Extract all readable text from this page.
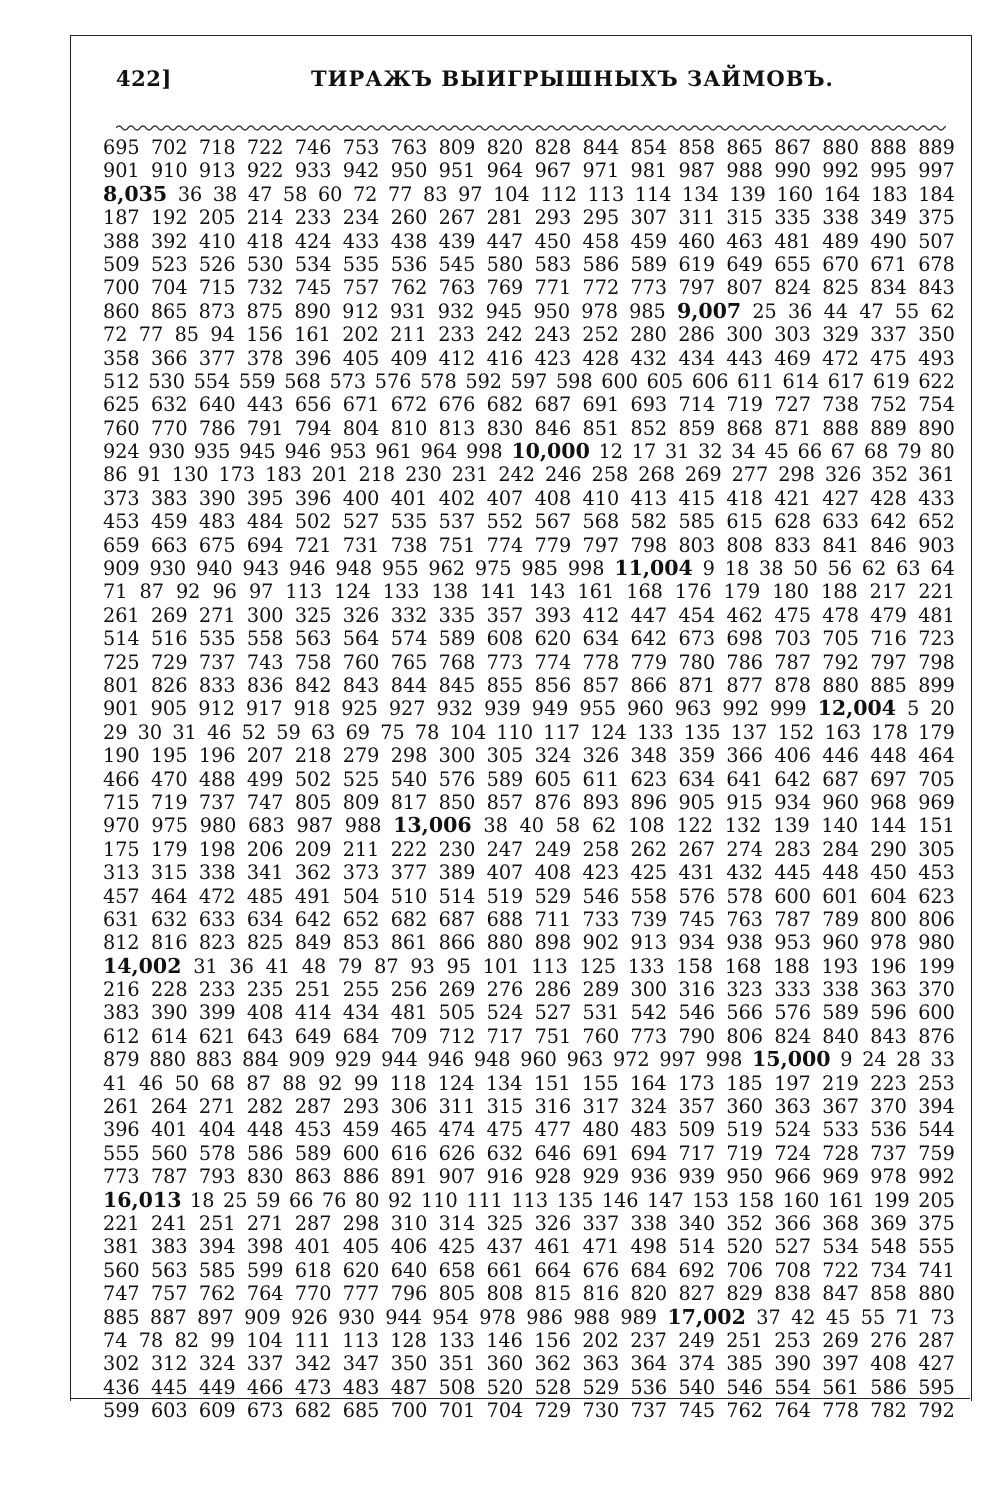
422]	ТИРАЖЪ ВЫИГРЫШНЫХЪ ЗАЙМОВЪ.
695 702 718 722 746 753 763 809 820 828 844 854 858 865 867 880 888 889
901 910 913 922 933 942 950 951 964 967 971 981 987 988 990 992 995 997
8,035 36 38 47 58 60 72 77 83 97 104 112 113 114 134 139 160 164 183 184
187 192 205 214 233 234 260 267 281 293 295 307 311 315 335 338 349 375
388 392 410 418 424 433 438 439 447 450 458 459 460 463 481 489 490 507
509 523 526 530 534 535 536 545 580 583 586 589 619 649 655 670 671 678
700 704 715 732 745 757 762 763 769 771 772 773 797 807 824 825 834 843
860 865 873 875 890 912 931 932 945 950 978 985 9,007 25 36 44 47 55 62
72 77 85 94 156 161 202 211 233 242 243 252 280 286 300 303 329 337 350
358 366 377 378 396 405 409 412 416 423 428 432 434 443 469 472 475 493
512 530 554 559 568 573 576 578 592 597 598 600 605 606 611 614 617 619 622
625 632 640 443 656 671 672 676 682 687 691 693 714 719 727 738 752 754
760 770 786 791 794 804 810 813 830 846 851 852 859 868 871 888 889 890
924 930 935 945 946 953 961 964 998 10,000 12 17 31 32 34 45 66 67 68 79 80
86 91 130 173 183 201 218 230 231 242 246 258 268 269 277 298 326 352 361
373 383 390 395 396 400 401 402 407 408 410 413 415 418 421 427 428 433
453 459 483 484 502 527 535 537 552 567 568 582 585 615 628 633 642 652
659 663 675 694 721 731 738 751 774 779 797 798 803 808 833 841 846 903
909 930 940 943 946 948 955 962 975 985 998 11,004 9 18 38 50 56 62 63 64
71 87 92 96 97 113 124 133 138 141 143 161 168 176 179 180 188 217 221
261 269 271 300 325 326 332 335 357 393 412 447 454 462 475 478 479 481
514 516 535 558 563 564 574 589 608 620 634 642 673 698 703 705 716 723
725 729 737 743 758 760 765 768 773 774 778 779 780 786 787 792 797 798
801 826 833 836 842 843 844 845 855 856 857 866 871 877 878 880 885 899
901 905 912 917 918 925 927 932 939 949 955 960 963 992 999 12,004 5 20
29 30 31 46 52 59 63 69 75 78 104 110 117 124 133 135 137 152 163 178 179
190 195 196 207 218 279 298 300 305 324 326 348 359 366 406 446 448 464
466 470 488 499 502 525 540 576 589 605 611 623 634 641 642 687 697 705
715 719 737 747 805 809 817 850 857 876 893 896 905 915 934 960 968 969
970 975 980 683 987 988 13,006 38 40 58 62 108 122 132 139 140 144 151
175 179 198 206 209 211 222 230 247 249 258 262 267 274 283 284 290 305
313 315 338 341 362 373 377 389 407 408 423 425 431 432 445 448 450 453
457 464 472 485 491 504 510 514 519 529 546 558 576 578 600 601 604 623
631 632 633 634 642 652 682 687 688 711 733 739 745 763 787 789 800 806
812 816 823 825 849 853 861 866 880 898 902 913 934 938 953 960 978 980
14,002 31 36 41 48 79 87 93 95 101 113 125 133 158 168 188 193 196 199
216 228 233 235 251 255 256 269 276 286 289 300 316 323 333 338 363 370
383 390 399 408 414 434 481 505 524 527 531 542 546 566 576 589 596 600
612 614 621 643 649 684 709 712 717 751 760 773 790 806 824 840 843 876
879 880 883 884 909 929 944 946 948 960 963 972 997 998 15,000 9 24 28 33
41 46 50 68 87 88 92 99 118 124 134 151 155 164 173 185 197 219 223 253
261 264 271 282 287 293 306 311 315 316 317 324 357 360 363 367 370 394
396 401 404 448 453 459 465 474 475 477 480 483 509 519 524 533 536 544
555 560 578 586 589 600 616 626 632 646 691 694 717 719 724 728 737 759
773 787 793 830 863 886 891 907 916 928 929 936 939 950 966 969 978 992
16,013 18 25 59 66 76 80 92 110 111 113 135 146 147 153 158 160 161 199 205
221 241 251 271 287 298 310 314 325 326 337 338 340 352 366 368 369 375
381 383 394 398 401 405 406 425 437 461 471 498 514 520 527 534 548 555
560 563 585 599 618 620 640 658 661 664 676 684 692 706 708 722 734 741
747 757 762 764 770 777 796 805 808 815 816 820 827 829 838 847 858 880
885 887 897 909 926 930 944 954 978 986 988 989 17,002 37 42 45 55 71 73
74 78 82 99 104 111 113 128 133 146 156 202 237 249 251 253 269 276 287
302 312 324 337 342 347 350 351 360 362 363 364 374 385 390 397 408 427
436 445 449 466 473 483 487 508 520 528 529 536 540 546 554 561 586 595
599 603 609 673 682 685 700 701 704 729 730 737 745 762 764 778 782 792
